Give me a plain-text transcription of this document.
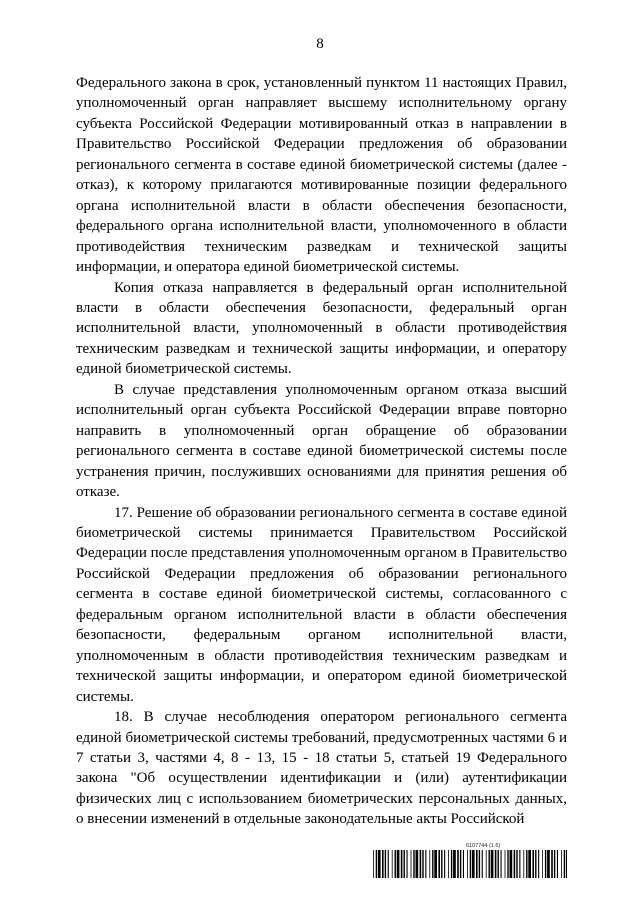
8

Федерального закона в срок, установленный пунктом 11 настоящих Правил, уполномоченный орган направляет высшему исполнительному органу субъекта Российской Федерации мотивированный отказ в направлении в Правительство Российской Федерации предложения об образовании регионального сегмента в составе единой биометрической системы (далее - отказ), к которому прилагаются мотивированные позиции федерального органа исполнительной власти в области обеспечения безопасности, федерального органа исполнительной власти, уполномоченного в области противодействия техническим разведкам и технической защиты информации, и оператора единой биометрической системы.

Копия отказа направляется в федеральный орган исполнительной власти в области обеспечения безопасности, федеральный орган исполнительной власти, уполномоченный в области противодействия техническим разведкам и технической защиты информации, и оператору единой биометрической системы.

В случае представления уполномоченным органом отказа высший исполнительный орган субъекта Российской Федерации вправе повторно направить в уполномоченный орган обращение об образовании регионального сегмента в составе единой биометрической системы после устранения причин, послуживших основаниями для принятия решения об отказе.

17. Решение об образовании регионального сегмента в составе единой биометрической системы принимается Правительством Российской Федерации после представления уполномоченным органом в Правительство Российской Федерации предложения об образовании регионального сегмента в составе единой биометрической системы, согласованного с федеральным органом исполнительной власти в области обеспечения безопасности, федеральным органом исполнительной власти, уполномоченным в области противодействия техническим разведкам и технической защиты информации, и оператором единой биометрической системы.

18. В случае несоблюдения оператором регионального сегмента единой биометрической системы требований, предусмотренных частями 6 и 7 статьи 3, частями 4, 8 - 13, 15 - 18 статьи 5, статьей 19 Федерального закона "Об осуществлении идентификации и (или) аутентификации физических лиц с использованием биометрических персональных данных, о внесении изменений в отдельные законодательные акты Российской

6107744 (1.6)
